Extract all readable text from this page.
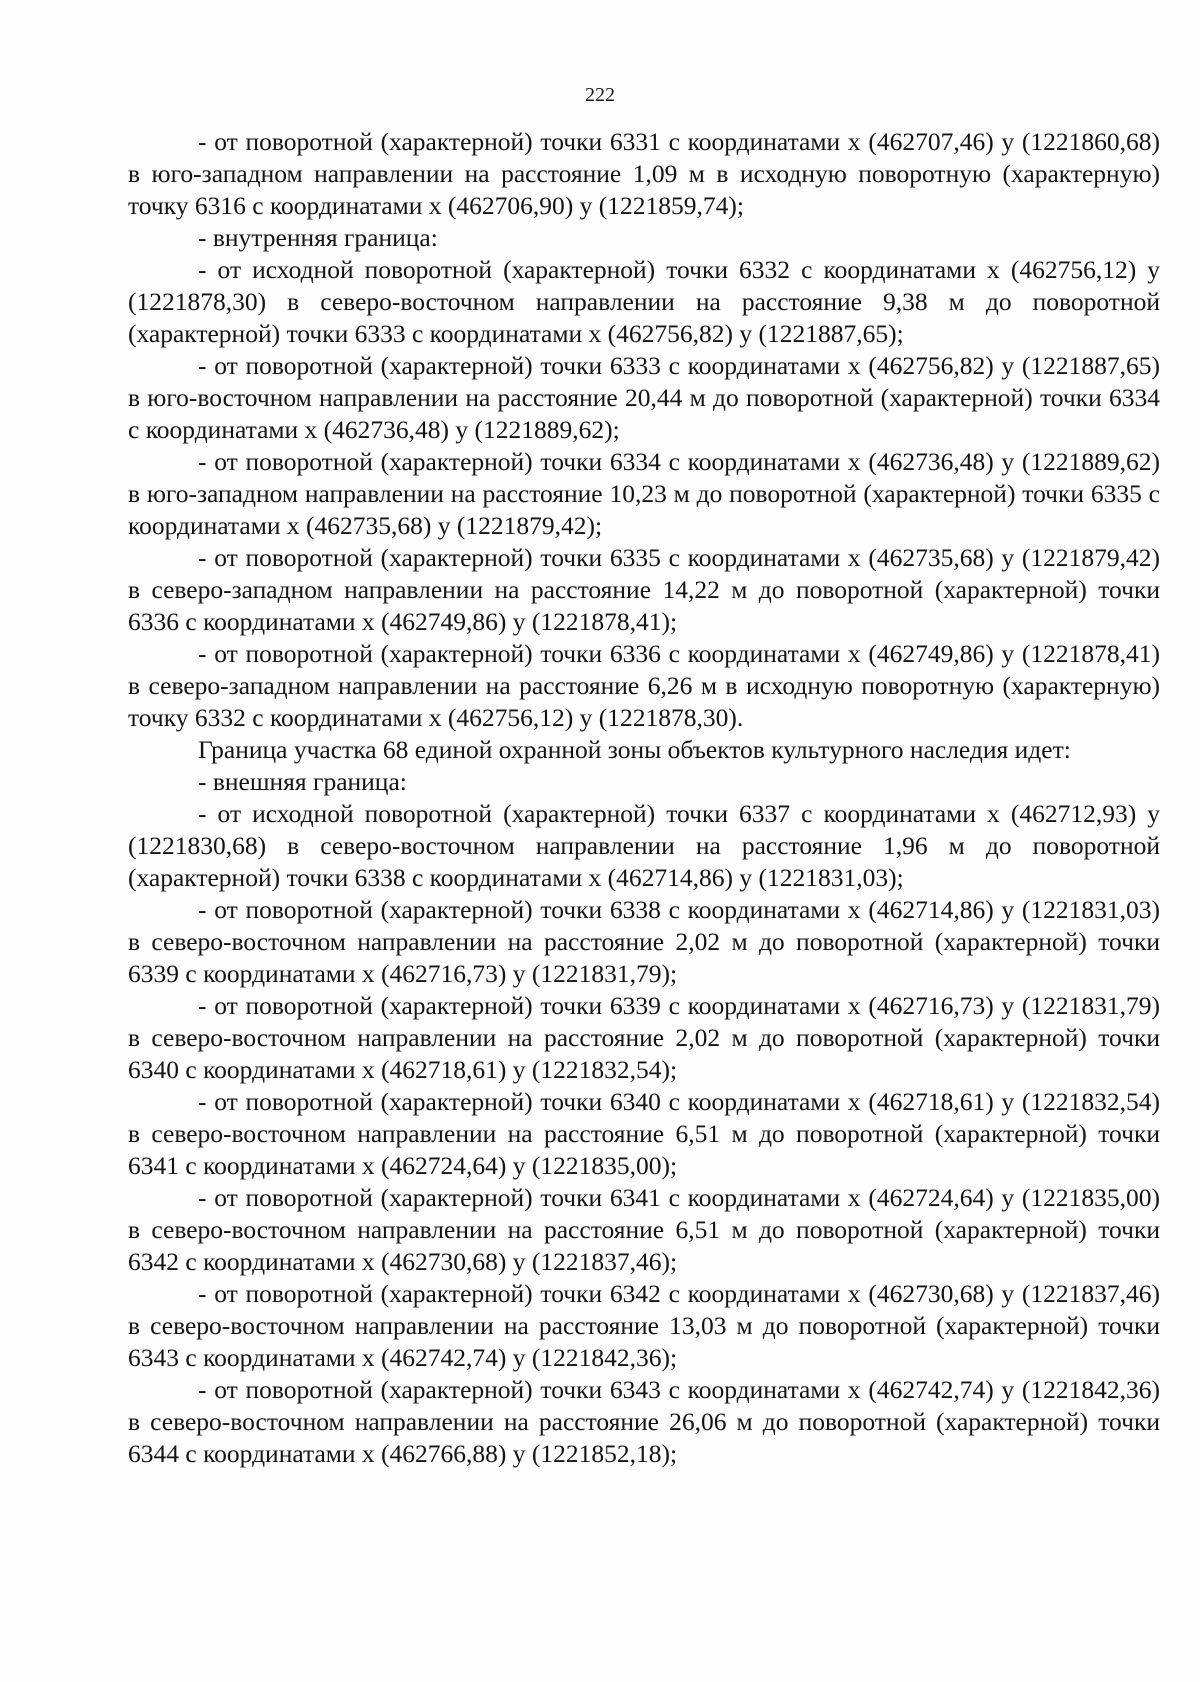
222

- от поворотной (характерной) точки 6331 с координатами x (462707,46) y (1221860,68) в юго-западном направлении на расстояние 1,09 м в исходную поворотную (характерную) точку 6316 с координатами x (462706,90) y (1221859,74);

- внутренняя граница:

- от исходной поворотной (характерной) точки 6332 с координатами x (462756,12) y (1221878,30) в северо-восточном направлении на расстояние 9,38 м до поворотной (характерной) точки 6333 с координатами x (462756,82) y (1221887,65);

- от поворотной (характерной) точки 6333 с координатами x (462756,82) y (1221887,65) в юго-восточном направлении на расстояние 20,44 м до поворотной (характерной) точки 6334 с координатами x (462736,48) y (1221889,62);

- от поворотной (характерной) точки 6334 с координатами x (462736,48) y (1221889,62) в юго-западном направлении на расстояние 10,23 м до поворотной (характерной) точки 6335 с координатами x (462735,68) y (1221879,42);

- от поворотной (характерной) точки 6335 с координатами x (462735,68) y (1221879,42) в северо-западном направлении на расстояние 14,22 м до поворотной (характерной) точки 6336 с координатами x (462749,86) y (1221878,41);

- от поворотной (характерной) точки 6336 с координатами x (462749,86) y (1221878,41) в северо-западном направлении на расстояние 6,26 м в исходную поворотную (характерную) точку 6332 с координатами x (462756,12) y (1221878,30).

Граница участка 68 единой охранной зоны объектов культурного наследия идет:

- внешняя граница:

- от исходной поворотной (характерной) точки 6337 с координатами x (462712,93) y (1221830,68) в северо-восточном направлении на расстояние 1,96 м до поворотной (характерной) точки 6338 с координатами x (462714,86) y (1221831,03);

- от поворотной (характерной) точки 6338 с координатами x (462714,86) y (1221831,03) в северо-восточном направлении на расстояние 2,02 м до поворотной (характерной) точки 6339 с координатами x (462716,73) y (1221831,79);

- от поворотной (характерной) точки 6339 с координатами x (462716,73) y (1221831,79) в северо-восточном направлении на расстояние 2,02 м до поворотной (характерной) точки 6340 с координатами x (462718,61) y (1221832,54);

- от поворотной (характерной) точки 6340 с координатами x (462718,61) y (1221832,54) в северо-восточном направлении на расстояние 6,51 м до поворотной (характерной) точки 6341 с координатами x (462724,64) y (1221835,00);

- от поворотной (характерной) точки 6341 с координатами x (462724,64) y (1221835,00) в северо-восточном направлении на расстояние 6,51 м до поворотной (характерной) точки 6342 с координатами x (462730,68) y (1221837,46);

- от поворотной (характерной) точки 6342 с координатами x (462730,68) y (1221837,46) в северо-восточном направлении на расстояние 13,03 м до поворотной (характерной) точки 6343 с координатами x (462742,74) y (1221842,36);

- от поворотной (характерной) точки 6343 с координатами x (462742,74) y (1221842,36) в северо-восточном направлении на расстояние 26,06 м до поворотной (характерной) точки 6344 с координатами x (462766,88) y (1221852,18);
